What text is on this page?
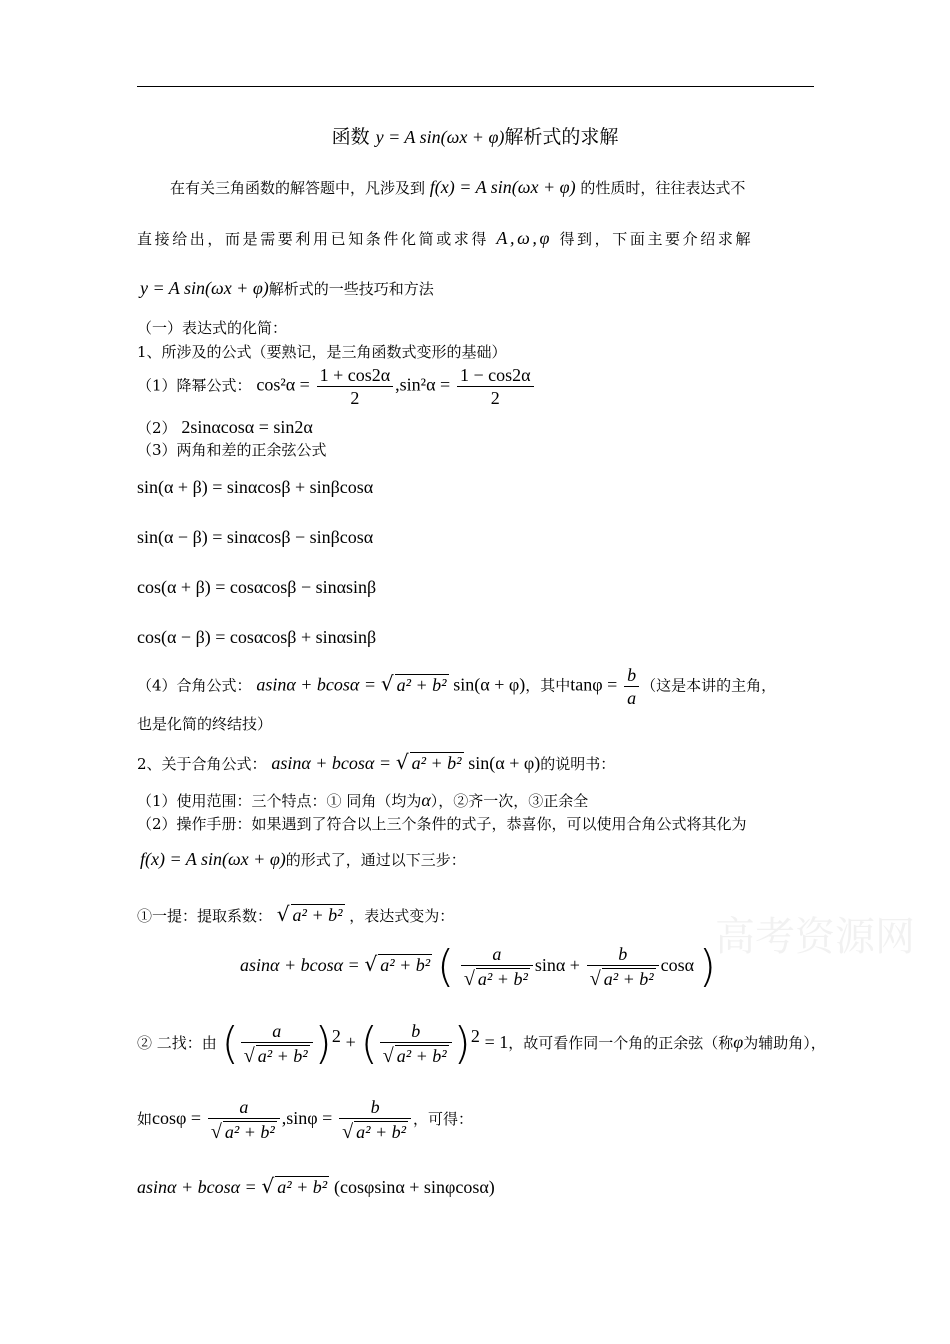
函数 y = A sin(ωx + φ)解析式的求解
在有关三角函数的解答题中，凡涉及到 f(x) = A sin(ωx + φ) 的性质时，往往表达式不
直接给出，而是需要利用已知条件化简或求得 A,ω,φ 得到，下面主要介绍求解
y = A sin(ωx + φ)解析式的一些技巧和方法
（一）表达式的化简：
1、所涉及的公式（要熟记，是三角函数式变形的基础）
（1）降幂公式： $\cos^2\alpha = \frac{1 + \cos 2\alpha}{2} ,\sin^2\alpha = \frac{1 - \cos 2\alpha}{2}$
（2） 2sinαcosα = sin2α
（3）两角和差的正余弦公式
sin(α + β) = sinαcosβ + sinβcosα
sin(α − β) = sinαcosβ − sinβcosα
cos(α + β) = cosαcosβ − sinαsinβ
cos(α − β) = cosαcosβ + sinαsinβ
（4）合角公式： asinα + bcosα = √ a² + b² sin(α + φ)，其中$\tan\varphi = \frac{b}{a}$ （这是本讲的主角，
也是化简的终结技）
2、关于合角公式： asinα + bcosα = √ a² + b² sin(α + φ)的说明书：
（1）使用范围：三个特点：① 同角（均为α），②齐一次，③正余全
（2）操作手册：如果遇到了符合以上三个条件的式子，恭喜你，可以使用合角公式将其化为
f(x) = A sin(ωx + φ)的形式了，通过以下三步：
①一提：提取系数： √ a² + b² ，表达式变为：
asinα + bcosα = √ a² + b² ( $\frac{a}{\text{√ a² + b²}}$ $\sin\alpha + \frac{b}{\text{√ a² + b²}}$ cosα )
② 二找：由 ( $\frac{a}{\text{√ a² + b²}} )^2$ + ( $\frac{b}{\text{√ a² + b²}} )^2 = 1$，故可看作同一个角的正余弦（称φ为辅助角），
如$\cos\varphi = \frac{a}{\text{√ a² + b²}} ,\sin\varphi = \frac{b}{\text{√ a² + b²}}$ ，可得：
asinα + bcosα = √ a² + b² (cosφsinα + sinφcosα)
高考资源网
